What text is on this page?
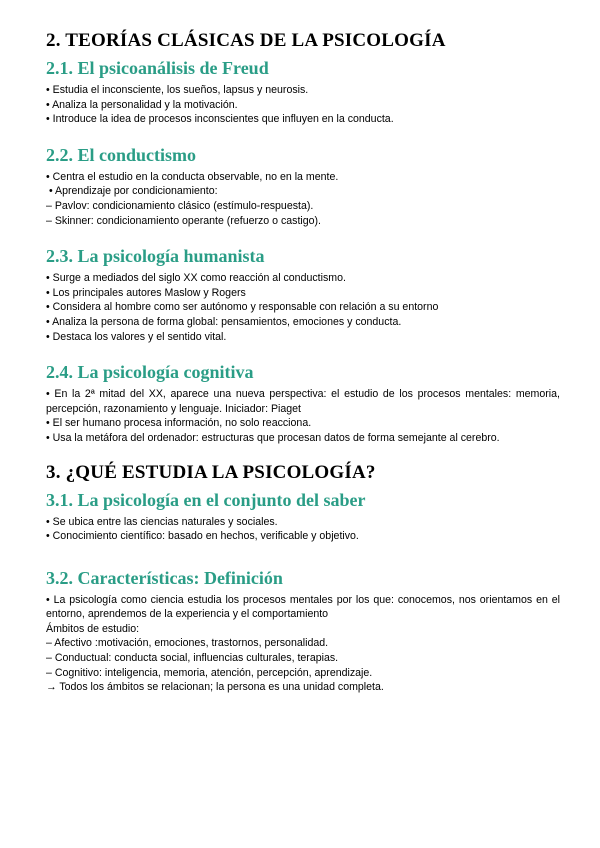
2. TEORÍAS CLÁSICAS DE LA PSICOLOGÍA
2.1. El psicoanálisis de Freud
• Estudia el inconsciente, los sueños, lapsus y neurosis.
• Analiza la personalidad y la motivación.
• Introduce la idea de procesos inconscientes que influyen en la conducta.
2.2. El conductismo
• Centra el estudio en la conducta observable, no en la mente.
• Aprendizaje por condicionamiento:
– Pavlov: condicionamiento clásico (estímulo-respuesta).
– Skinner: condicionamiento operante (refuerzo o castigo).
2.3. La psicología humanista
• Surge a mediados del siglo XX como reacción al conductismo.
• Los principales autores Maslow y Rogers
• Considera al hombre como ser autónomo y responsable con relación a su entorno
• Analiza la persona de forma global: pensamientos, emociones y conducta.
• Destaca los valores y el sentido vital.
2.4. La psicología cognitiva
• En la 2ª mitad del XX, aparece una nueva perspectiva: el estudio de los procesos mentales: memoria, percepción, razonamiento y lenguaje. Iniciador: Piaget
• El ser humano procesa información, no solo reacciona.
• Usa la metáfora del ordenador: estructuras que procesan datos de forma semejante al cerebro.
3. ¿QUÉ ESTUDIA LA PSICOLOGÍA?
3.1. La psicología en el conjunto del saber
• Se ubica entre las ciencias naturales y sociales.
• Conocimiento científico: basado en hechos, verificable y objetivo.
3.2. Características: Definición
• La psicología como ciencia estudia los procesos mentales por los que: conocemos, nos orientamos en el entorno, aprendemos de la experiencia y el comportamiento
Ámbitos de estudio:
– Afectivo :motivación, emociones, trastornos, personalidad.
– Conductual: conducta social, influencias culturales, terapias.
– Cognitivo: inteligencia, memoria, atención, percepción, aprendizaje.
→ Todos los ámbitos se relacionan; la persona es una unidad completa.
